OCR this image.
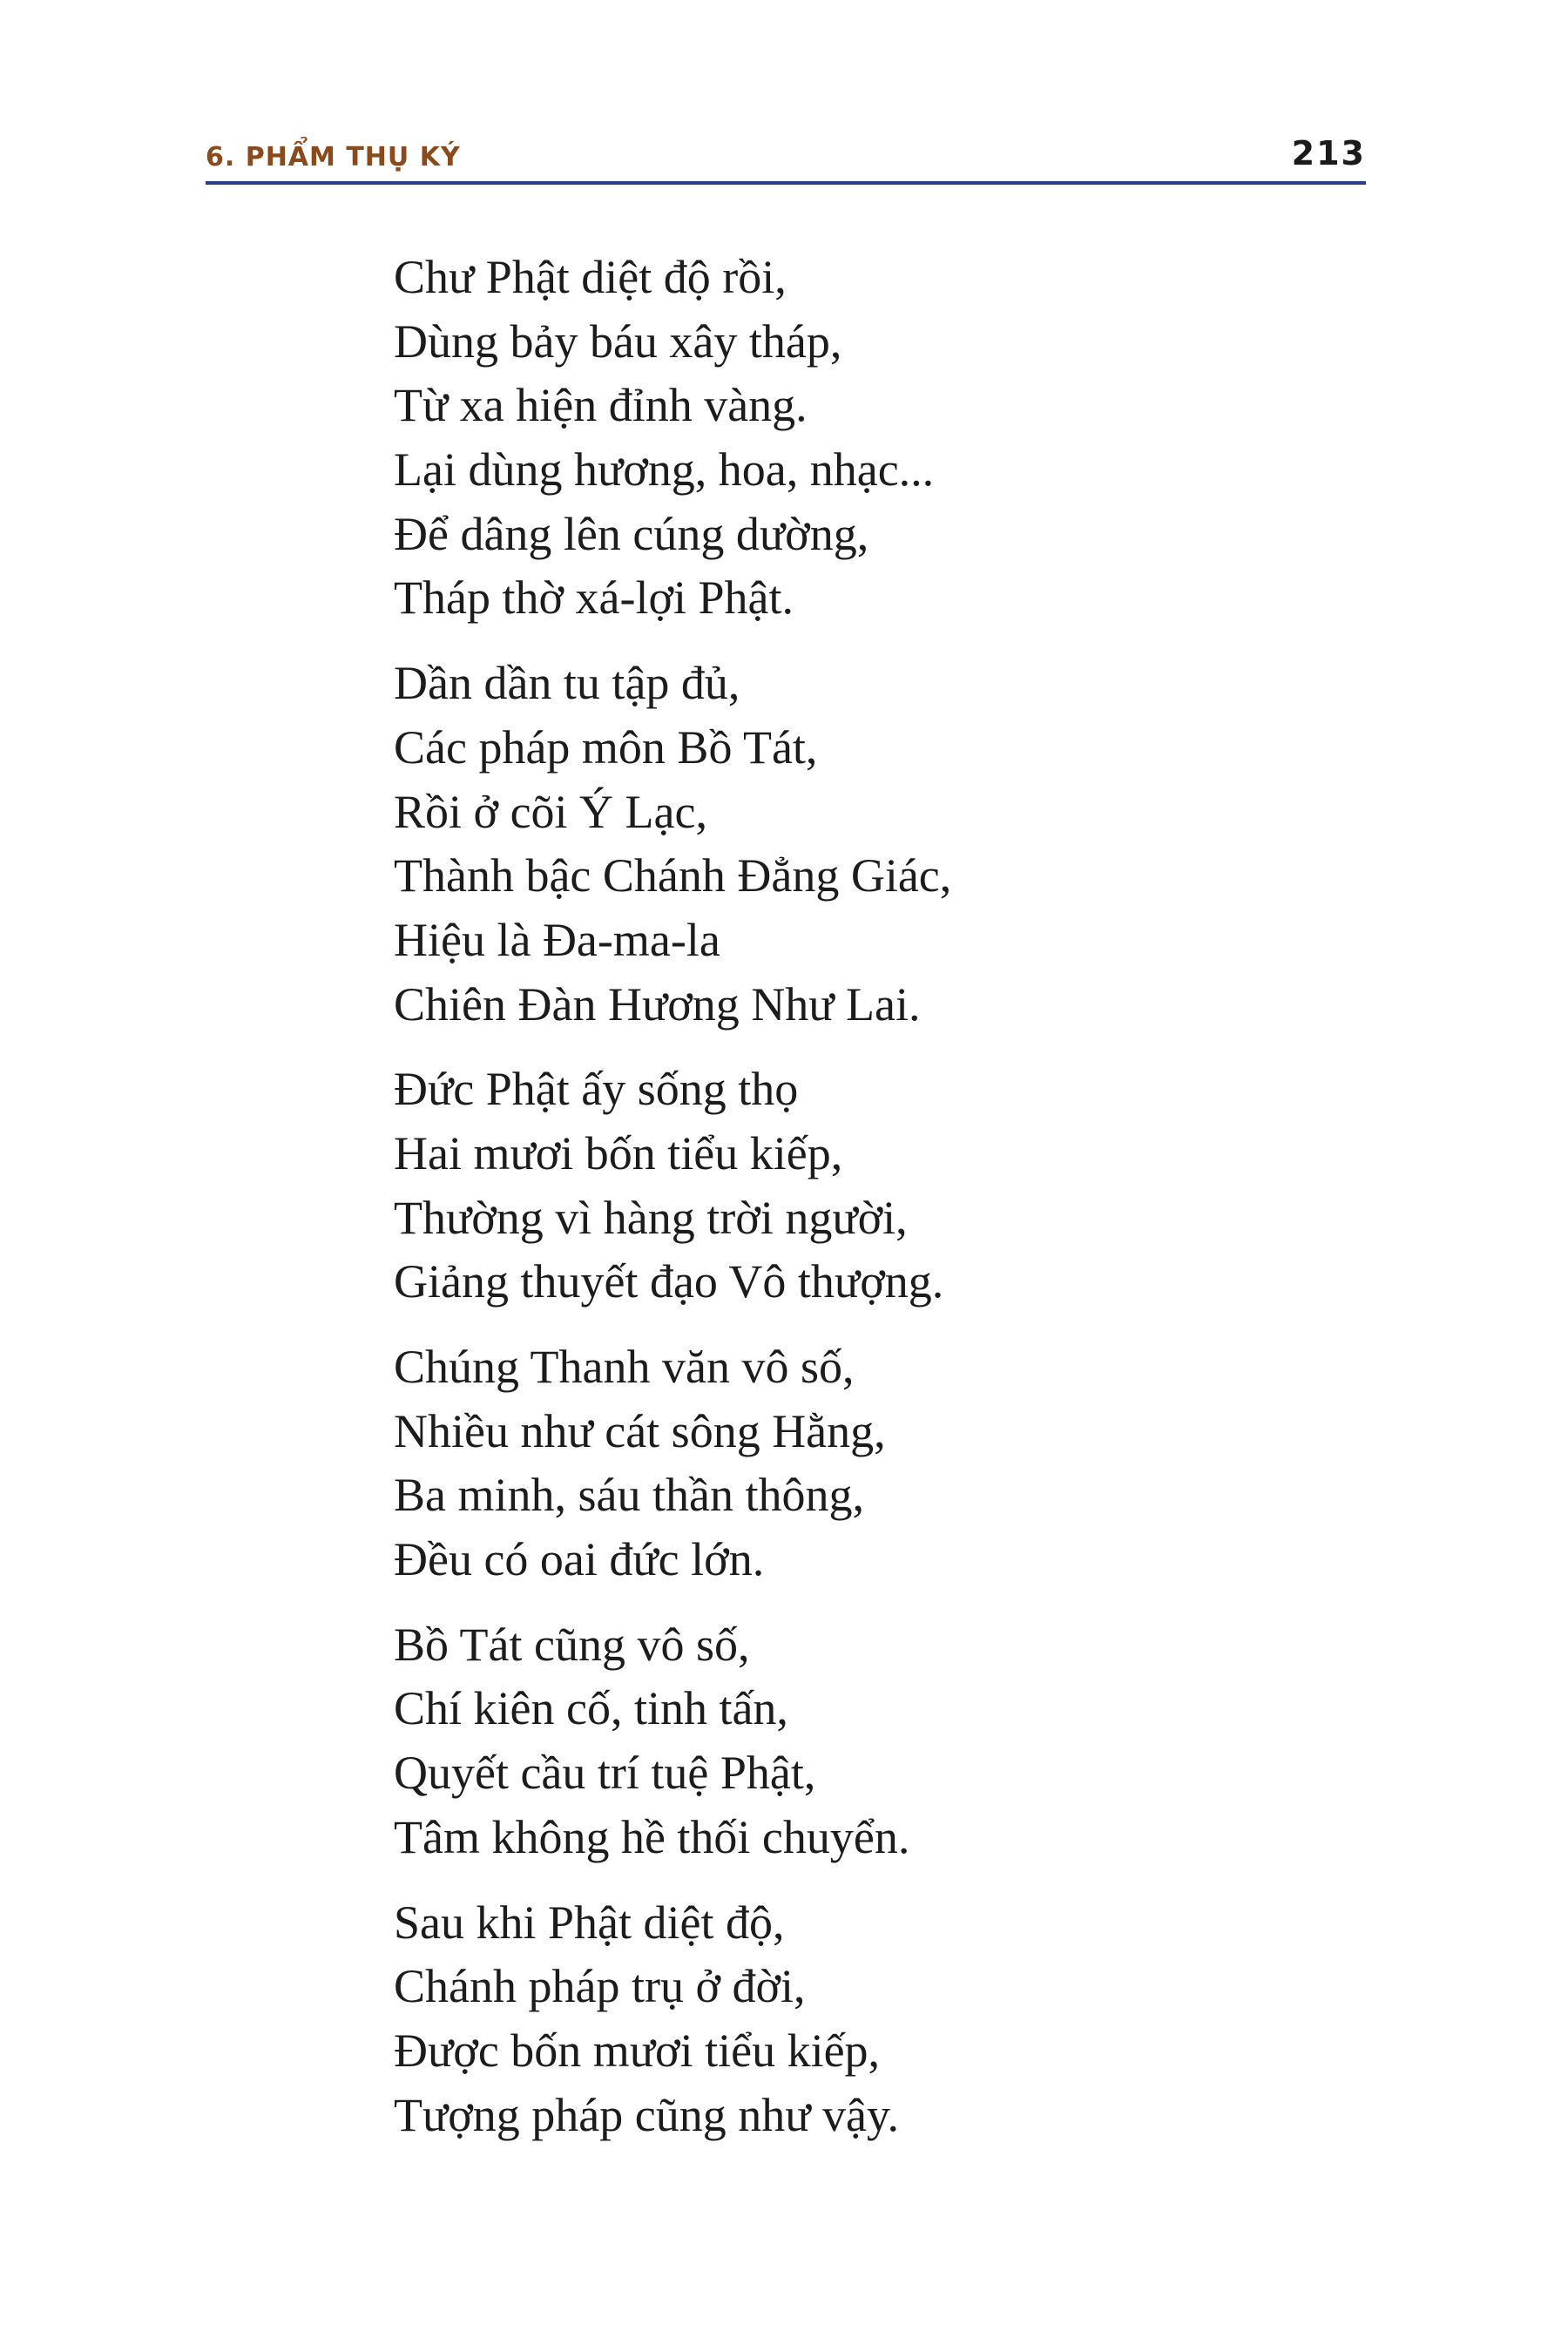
6. PHẨM THỤ KÝ	213
Chư Phật diệt độ rồi,
Dùng bảy báu xây tháp,
Từ xa hiện đỉnh vàng.
Lại dùng hương, hoa, nhạc...
Để dâng lên cúng dường,
Tháp thờ xá-lợi Phật.
Dần dần tu tập đủ,
Các pháp môn Bồ Tát,
Rồi ở cõi Ý Lạc,
Thành bậc Chánh Đẳng Giác,
Hiệu là Đa-ma-la
Chiên Đàn Hương Như Lai.
Đức Phật ấy sống thọ
Hai mươi bốn tiểu kiếp,
Thường vì hàng trời người,
Giảng thuyết đạo Vô thượng.
Chúng Thanh văn vô số,
Nhiều như cát sông Hằng,
Ba minh, sáu thần thông,
Đều có oai đức lớn.
Bồ Tát cũng vô số,
Chí kiên cố, tinh tấn,
Quyết cầu trí tuệ Phật,
Tâm không hề thối chuyển.
Sau khi Phật diệt độ,
Chánh pháp trụ ở đời,
Được bốn mươi tiểu kiếp,
Tượng pháp cũng như vậy.
